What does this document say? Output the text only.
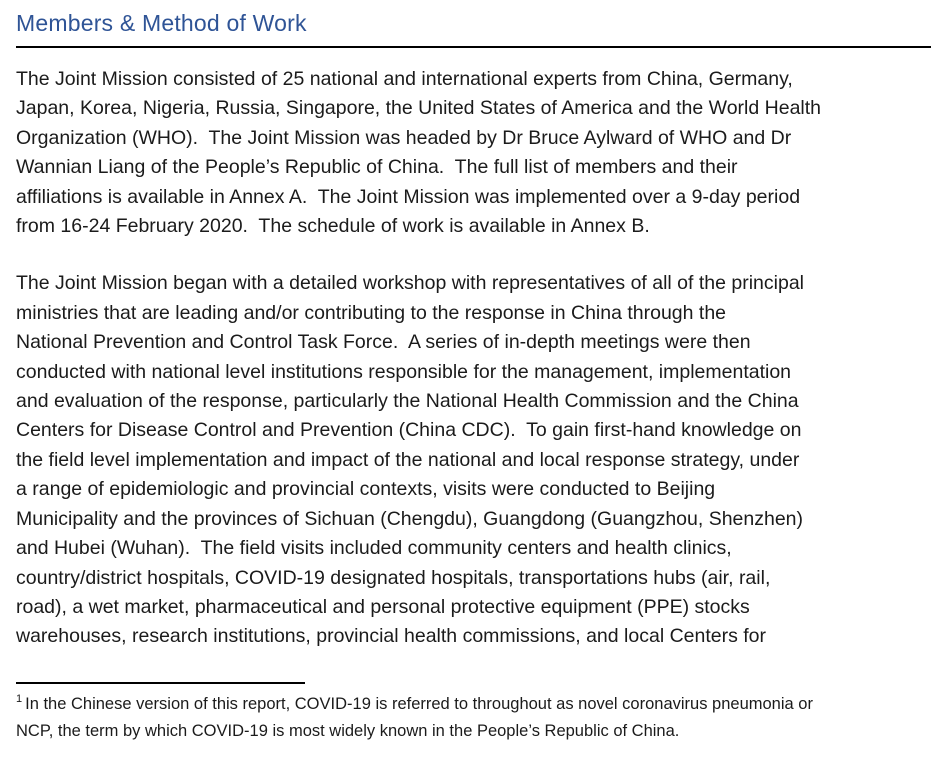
Members & Method of Work
The Joint Mission consisted of 25 national and international experts from China, Germany,
Japan, Korea, Nigeria, Russia, Singapore, the United States of America and the World Health
Organization (WHO).  The Joint Mission was headed by Dr Bruce Aylward of WHO and Dr
Wannian Liang of the People’s Republic of China.  The full list of members and their
affiliations is available in Annex A.  The Joint Mission was implemented over a 9-day period
from 16-24 February 2020.  The schedule of work is available in Annex B.
The Joint Mission began with a detailed workshop with representatives of all of the principal
ministries that are leading and/or contributing to the response in China through the
National Prevention and Control Task Force.  A series of in-depth meetings were then
conducted with national level institutions responsible for the management, implementation
and evaluation of the response, particularly the National Health Commission and the China
Centers for Disease Control and Prevention (China CDC).  To gain first-hand knowledge on
the field level implementation and impact of the national and local response strategy, under
a range of epidemiologic and provincial contexts, visits were conducted to Beijing
Municipality and the provinces of Sichuan (Chengdu), Guangdong (Guangzhou, Shenzhen)
and Hubei (Wuhan).  The field visits included community centers and health clinics,
country/district hospitals, COVID-19 designated hospitals, transportations hubs (air, rail,
road), a wet market, pharmaceutical and personal protective equipment (PPE) stocks
warehouses, research institutions, provincial health commissions, and local Centers for
$^1$ In the Chinese version of this report, COVID-19 is referred to throughout as novel coronavirus pneumonia or
NCP, the term by which COVID-19 is most widely known in the People’s Republic of China.
